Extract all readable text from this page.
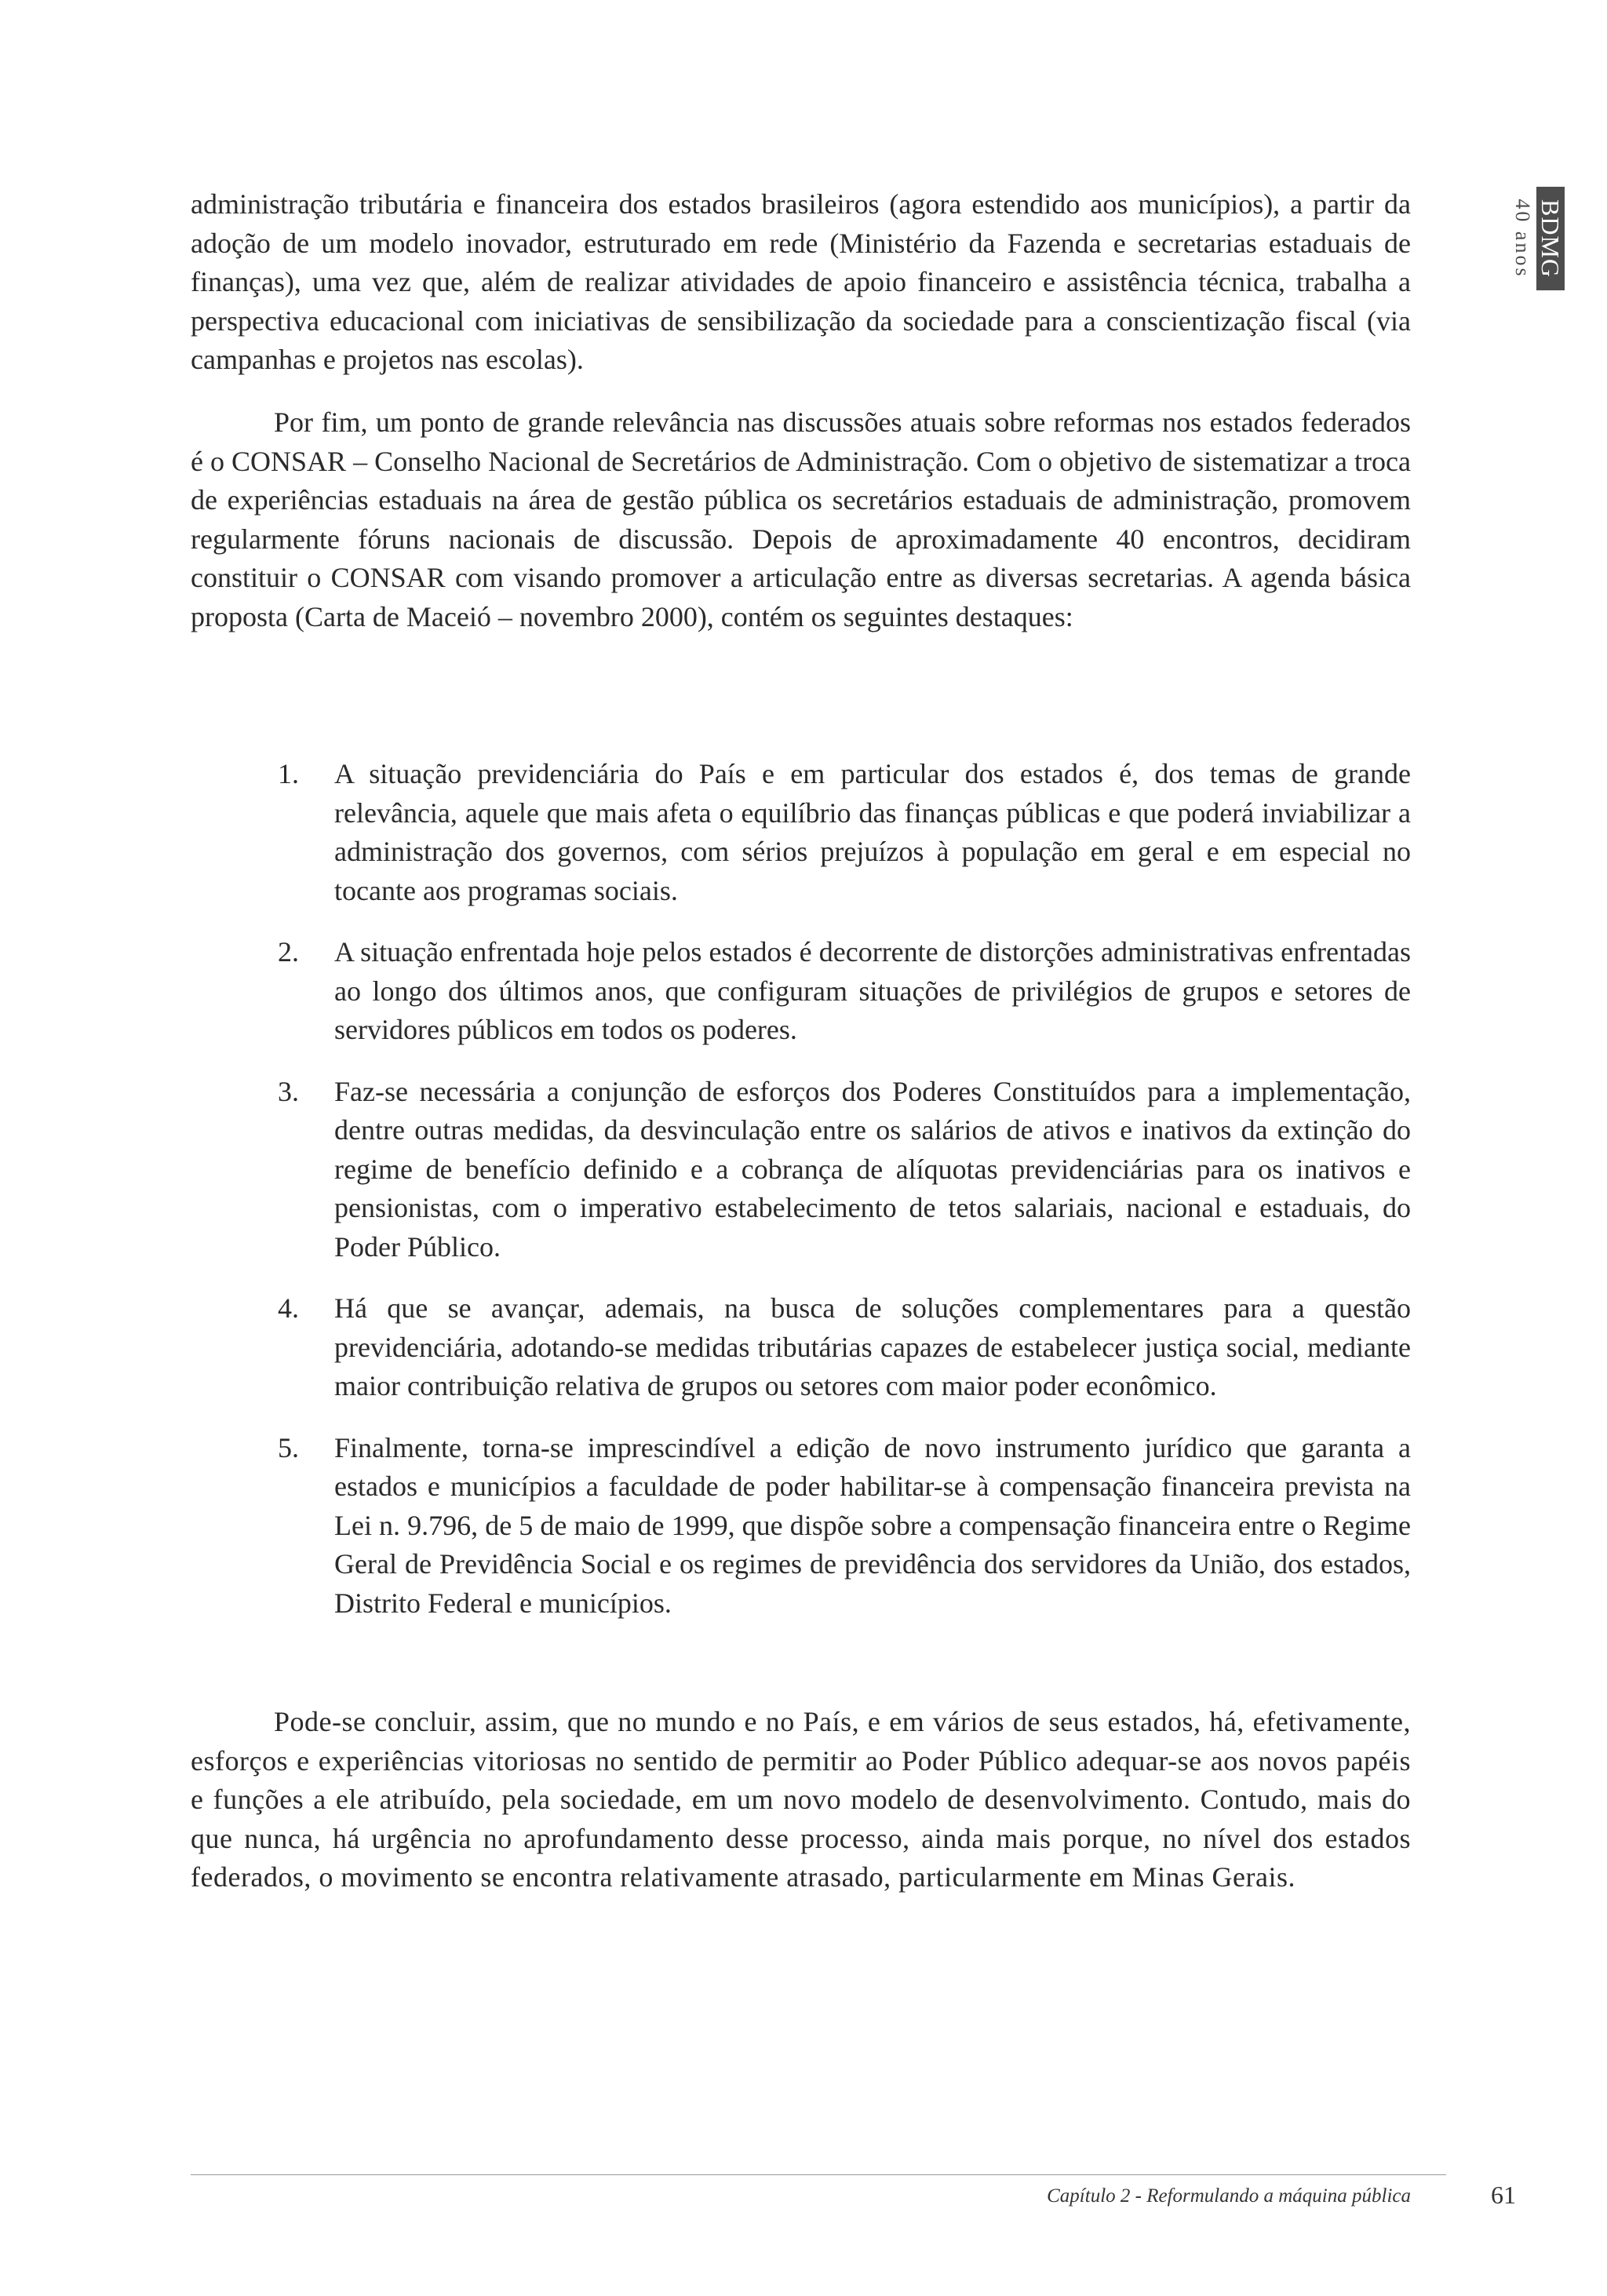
BDMG
40 anos

administração tributária e financeira dos estados brasileiros (agora estendido aos municípios), a partir da adoção de um modelo inovador, estruturado em rede (Ministério da Fazenda e secretarias estaduais de finanças), uma vez que, além de realizar atividades de apoio financeiro e assistência técnica, trabalha a perspectiva educacional com iniciativas de sensibilização da sociedade para a conscientização fiscal (via campanhas e projetos nas escolas).

Por fim, um ponto de grande relevância nas discussões atuais sobre reformas nos estados federados é o CONSAR – Conselho Nacional de Secretários de Administração. Com o objetivo de sistematizar a troca de experiências estaduais na área de gestão pública os secretários estaduais de administração, promovem regularmente fóruns nacionais de discussão. Depois de aproximadamente 40 encontros, decidiram constituir o CONSAR com visando promover a articulação entre as diversas secretarias. A agenda básica proposta (Carta de Maceió – novembro 2000), contém os seguintes destaques:

1. A situação previdenciária do País e em particular dos estados é, dos temas de grande relevância, aquele que mais afeta o equilíbrio das finanças públicas e que poderá inviabilizar a administração dos governos, com sérios prejuízos à população em geral e em especial no tocante aos programas sociais.
2. A situação enfrentada hoje pelos estados é decorrente de distorções administrativas enfrentadas ao longo dos últimos anos, que configuram situações de privilégios de grupos e setores de servidores públicos em todos os poderes.
3. Faz-se necessária a conjunção de esforços dos Poderes Constituídos para a implementação, dentre outras medidas, da desvinculação entre os salários de ativos e inativos da extinção do regime de benefício definido e a cobrança de alíquotas previdenciárias para os inativos e pensionistas, com o imperativo estabelecimento de tetos salariais, nacional e estaduais, do Poder Público.
4. Há que se avançar, ademais, na busca de soluções complementares para a questão previdenciária, adotando-se medidas tributárias capazes de estabelecer justiça social, mediante maior contribuição relativa de grupos ou setores com maior poder econômico.
5. Finalmente, torna-se imprescindível a edição de novo instrumento jurídico que garanta a estados e municípios a faculdade de poder habilitar-se à compensação financeira prevista na Lei n. 9.796, de 5 de maio de 1999, que dispõe sobre a compensação financeira entre o Regime Geral de Previdência Social e os regimes de previdência dos servidores da União, dos estados, Distrito Federal e municípios.

Pode-se concluir, assim, que no mundo e no País, e em vários de seus estados, há, efetivamente, esforços e experiências vitoriosas no sentido de permitir ao Poder Público adequar-se aos novos papéis e funções a ele atribuído, pela sociedade, em um novo modelo de desenvolvimento. Contudo, mais do que nunca, há urgência no aprofundamento desse processo, ainda mais porque, no nível dos estados federados, o movimento se encontra relativamente atrasado, particularmente em Minas Gerais.

Capítulo 2 - Reformulando a máquina pública	61
